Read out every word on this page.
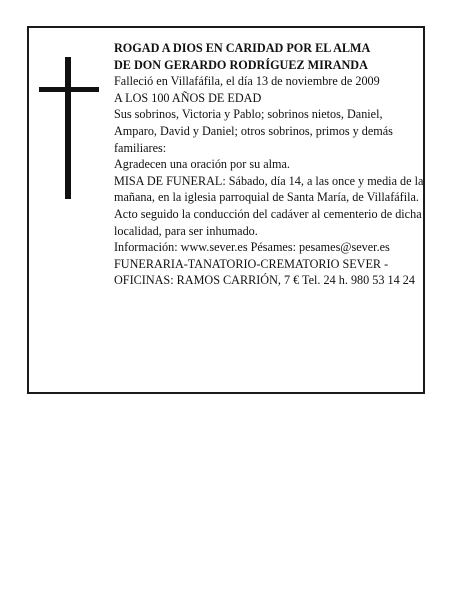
ROGAD A DIOS EN CARIDAD POR EL ALMA

DE DON GERARDO RODRÍGUEZ MIRANDA

Falleció en Villafáfila, el día 13 de noviembre de 2009

A LOS 100 AÑOS DE EDAD

Sus sobrinos, Victoria y Pablo; sobrinos nietos, Daniel, Amparo, David y Daniel; otros sobrinos, primos y demás familiares:

Agradecen una oración por su alma.

MISA DE FUNERAL: Sábado, día 14, a las once y media de la mañana, en la iglesia parroquial de Santa María, de Villafáfila. Acto seguido la conducción del cadáver al cementerio de dicha localidad, para ser inhumado.

Información: www.sever.es Pésames: pesames@sever.es

FUNERARIA-TANATORIO-CREMATORIO SEVER - OFICINAS: RAMOS CARRIÓN, 7 € Tel. 24 h. 980 53 14 24
